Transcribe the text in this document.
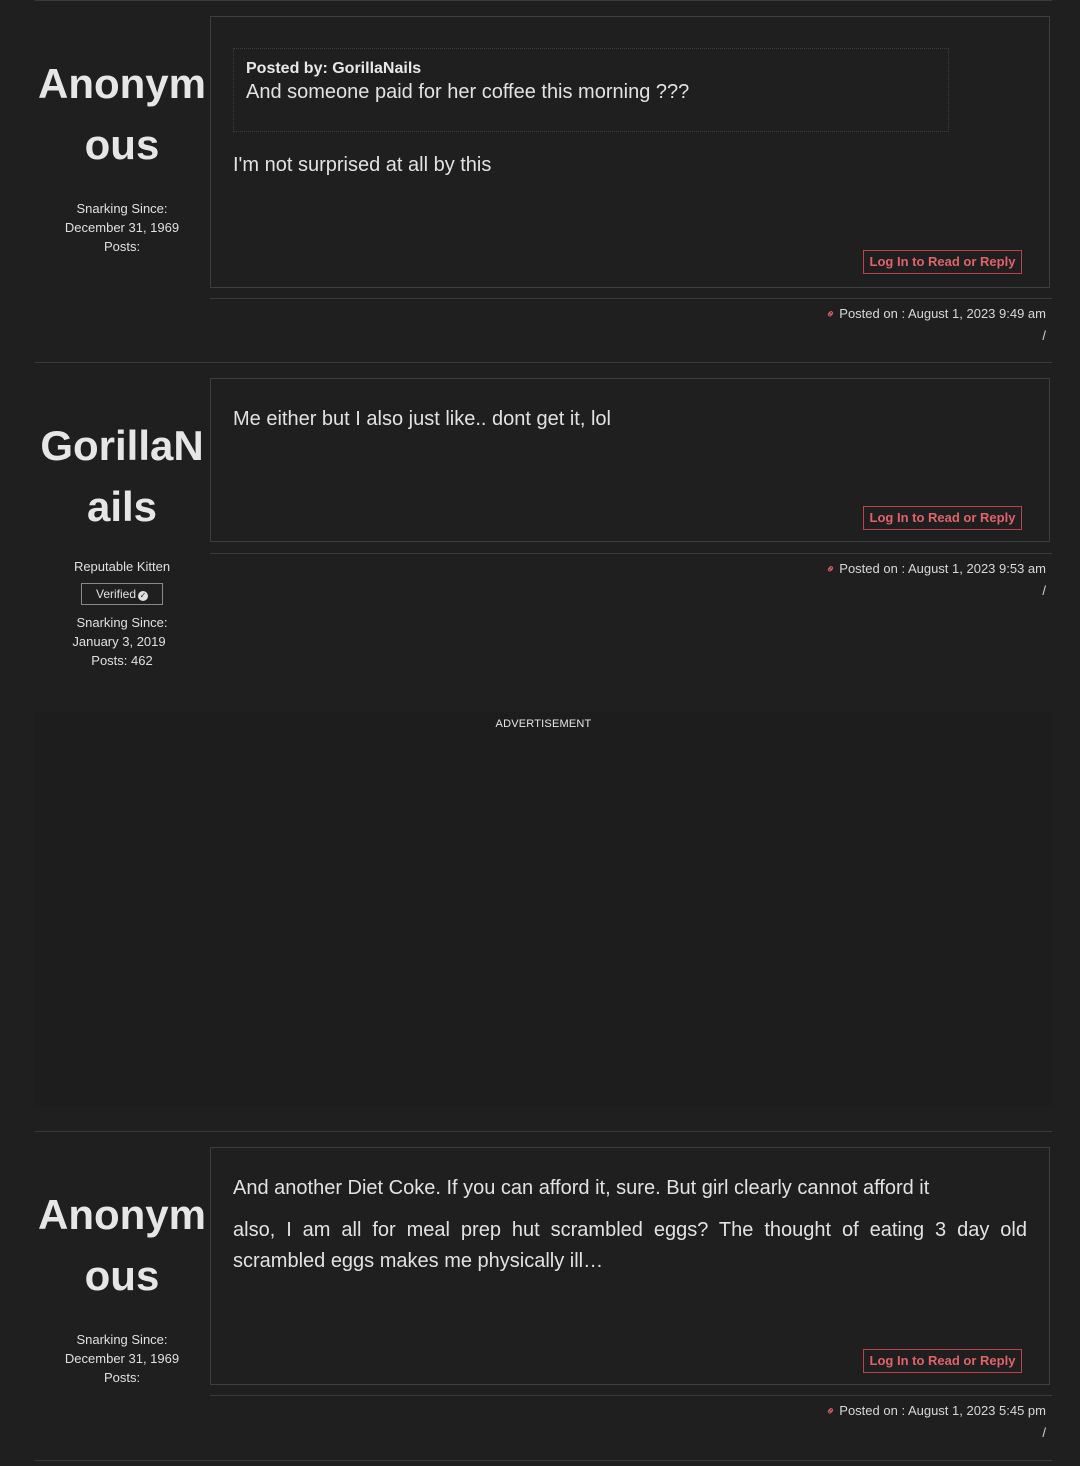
Anonym
ous
Snarking Since:
December 31, 1969
Posts:
Posted by: GorillaNails
And someone paid for her coffee this morning ???

I'm not surprised at all by this

Log In to Read or Reply
⚭Posted on : August 1, 2023 9:49 am
/
GorillaN
ails
Reputable Kitten
Verified ✓
Snarking Since:
January 3, 2019
Posts: 462

Me either but I also just like.. dont get it, lol

Log In to Read or Reply
⚭Posted on : August 1, 2023 9:53 am
/
ADVERTISEMENT
Anonym
ous
Snarking Since:
December 31, 1969
Posts:

And another Diet Coke. If you can afford it, sure. But girl clearly cannot afford it

also, I am all for meal prep hut scrambled eggs? The thought of eating 3 day old scrambled eggs makes me physically ill…

Log In to Read or Reply
⚭Posted on : August 1, 2023 5:45 pm
/
